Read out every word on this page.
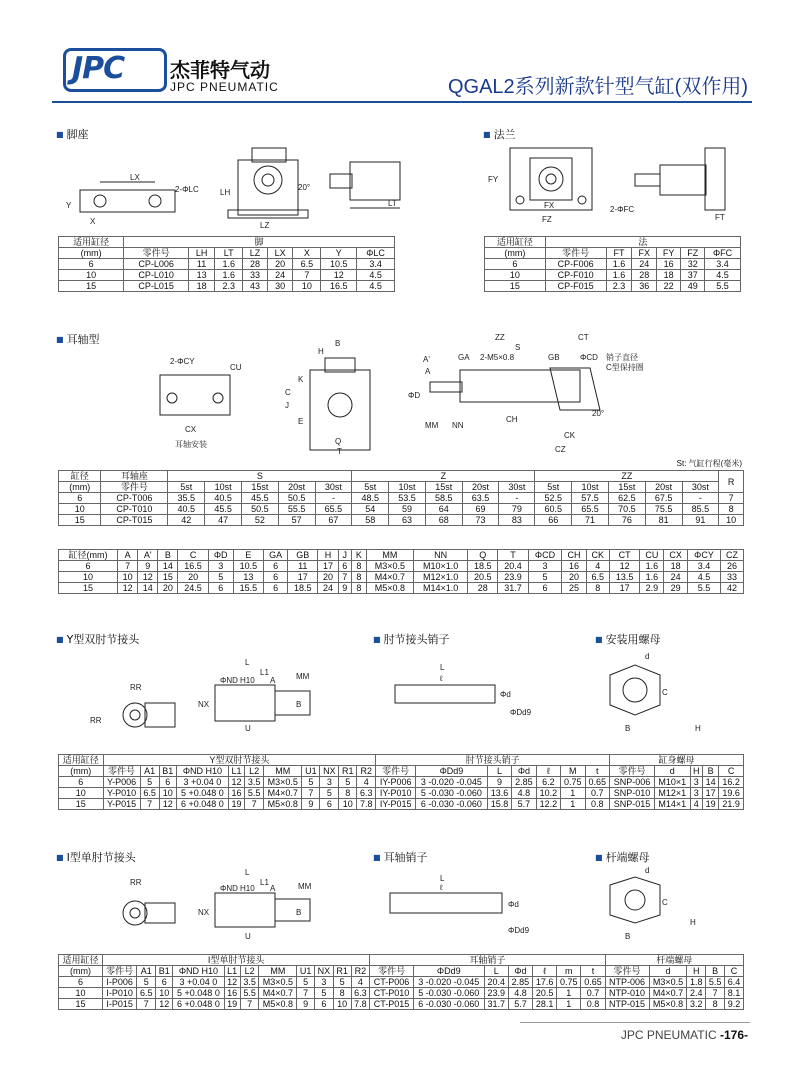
JPC 杰菲特气动
JPC PNEUMATIC	QGAL2系列新款针型气缸(双作用)
■ 脚座	■ 法兰
LX
2-ΦLC
Y
X
LH
LZ
LT
20°
FY
FX
FZ
2-ΦFC
FT
适用缸径	脚							
(mm)	零件号	LH	LT	LZ	LX	X	Y	ΦLC
6	CP-L006	11	1.6	28	20	6.5	10.5	3.4
10	CP-L010	13	1.6	33	24	7	12	4.5
15	CP-L015	18	2.3	43	30	10	16.5	4.5
适用缸径	法					
(mm)	零件号	FT	FX	FY	FZ	ΦFC
6	CP-F006	1.6	24	16	32	3.4
10	CP-F010	1.6	28	18	37	4.5
15	CP-F015	2.3	36	22	49	5.5
■ 耳轴型
2-ΦCY
CU
CX
耳轴安装
B
H
K
C
J
E
Q
T
ZZ	CT
S
A'	GA 2-M5×0.8	GB	ΦCD 销子直径
C型保持圈
A
ΦD
MM NN
CH
20°
CK
CZ
St: 气缸行程(毫米)
缸径	耳轴座	S					Z					ZZ					R
(mm)	零件号	5st	10st	15st	20st	30st	5st	10st	15st	20st	30st	5st	10st	15st	20st	30st	
6	CP-T006	35.5	40.5	45.5	50.5	-	48.5	53.5	58.5	63.5	-	52.5	57.5	62.5	67.5	-	7
10	CP-T010	40.5	45.5	50.5	55.5	65.5	54	59	64	69	79	60.5	65.5	70.5	75.5	85.5	8
15	CP-T015	42	47	52	57	67	58	63	68	73	83	66	71	76	81	91	10
缸径(mm)	A	A'	B	C	ΦD	E	GA	GB	H	J	K	MM	NN	Q	T	ΦCD	CH	CK	CT	CU	CX	ΦCY	CZ
6	7	9	14	16.5	3	10.5	6	11	17	6	8	M3×0.5	M10×1.0	18.5	20.4	3	16	4	12	1.6	18	3.4	26
10	10	12	15	20	5	13	6	17	20	7	8	M4×0.7	M12×1.0	20.5	23.9	5	20	6.5	13.5	1.6	24	4.5	33
15	12	14	20	24.5	6	15.5	6	18.5	24	9	8	M5×0.8	M14×1.0	28	31.7	6	25	8	17	2.9	29	5.5	42
■ Y型双肘节接头	■ 肘节接头销子	■ 安装用螺母
RR
RR
L
L1
ΦND H10 A	MM
NX	B
U
L
ℓ
Φd
ΦDd9
d
C
B	H
适用缸径	Y型双肘节接头											肘节接头销子							缸身螺母				
(mm)	零件号	A1	B1	ΦND H10	L1	L2	MM	U1	NX	R1	R2	零件号	ΦDd9	L	Φd	ℓ	M	t	零件号	d	H	B	C
6	Y-P006	5	6	3 +0.04 0	12	3.5	M3×0.5	5	3	5	4	IY-P006	3 -0.020 -0.045	9	2.85	6.2	0.75	0.65	SNP-006	M10×1	3	14	16.2
10	Y-P010	6.5	10	5 +0.048 0	16	5.5	M4×0.7	7	5	8	6.3	IY-P010	5 -0.030 -0.060	13.6	4.8	10.2	1	0.7	SNP-010	M12×1	3	17	19.6
15	Y-P015	7	12	6 +0.048 0	19	7	M5×0.8	9	6	10	7.8	IY-P015	6 -0.030 -0.060	15.8	5.7	12.2	1	0.8	SNP-015	M14×1	4	19	21.9
■ I型单肘节接头	■ 耳轴销子	■ 杆端螺母
RR
L
L1
ΦND H10 A	MM
NX	B
U
L
ℓ
Φd
ΦDd9
d
C
B
H
适用缸径	I型单肘节接头											耳轴销子							杆端螺母				
(mm)	零件号	A1	B1	ΦND H10	L1	L2	MM	U1	NX	R1	R2	零件号	ΦDd9	L	Φd	ℓ	m	t	零件号	d	H	B	C
6	I-P006	5	6	3 +0.04 0	12	3.5	M3×0.5	5	3	5	4	CT-P006	3 -0.020 -0.045	20.4	2.85	17.6	0.75	0.65	NTP-006	M3×0.5	1.8	5.5	6.4
10	I-P010	6.5	10	5 +0.048 0	16	5.5	M4×0.7	7	5	8	6.3	CT-P010	5 -0.030 -0.060	23.9	4.8	20.5	1	0.7	NTP-010	M4×0.7	2.4	7	8.1
15	I-P015	7	12	6 +0.048 0	19	7	M5×0.8	9	6	10	7.8	CT-P015	6 -0.030 -0.060	31.7	5.7	28.1	1	0.8	NTP-015	M5×0.8	3.2	8	9.2
JPC PNEUMATIC -176-
